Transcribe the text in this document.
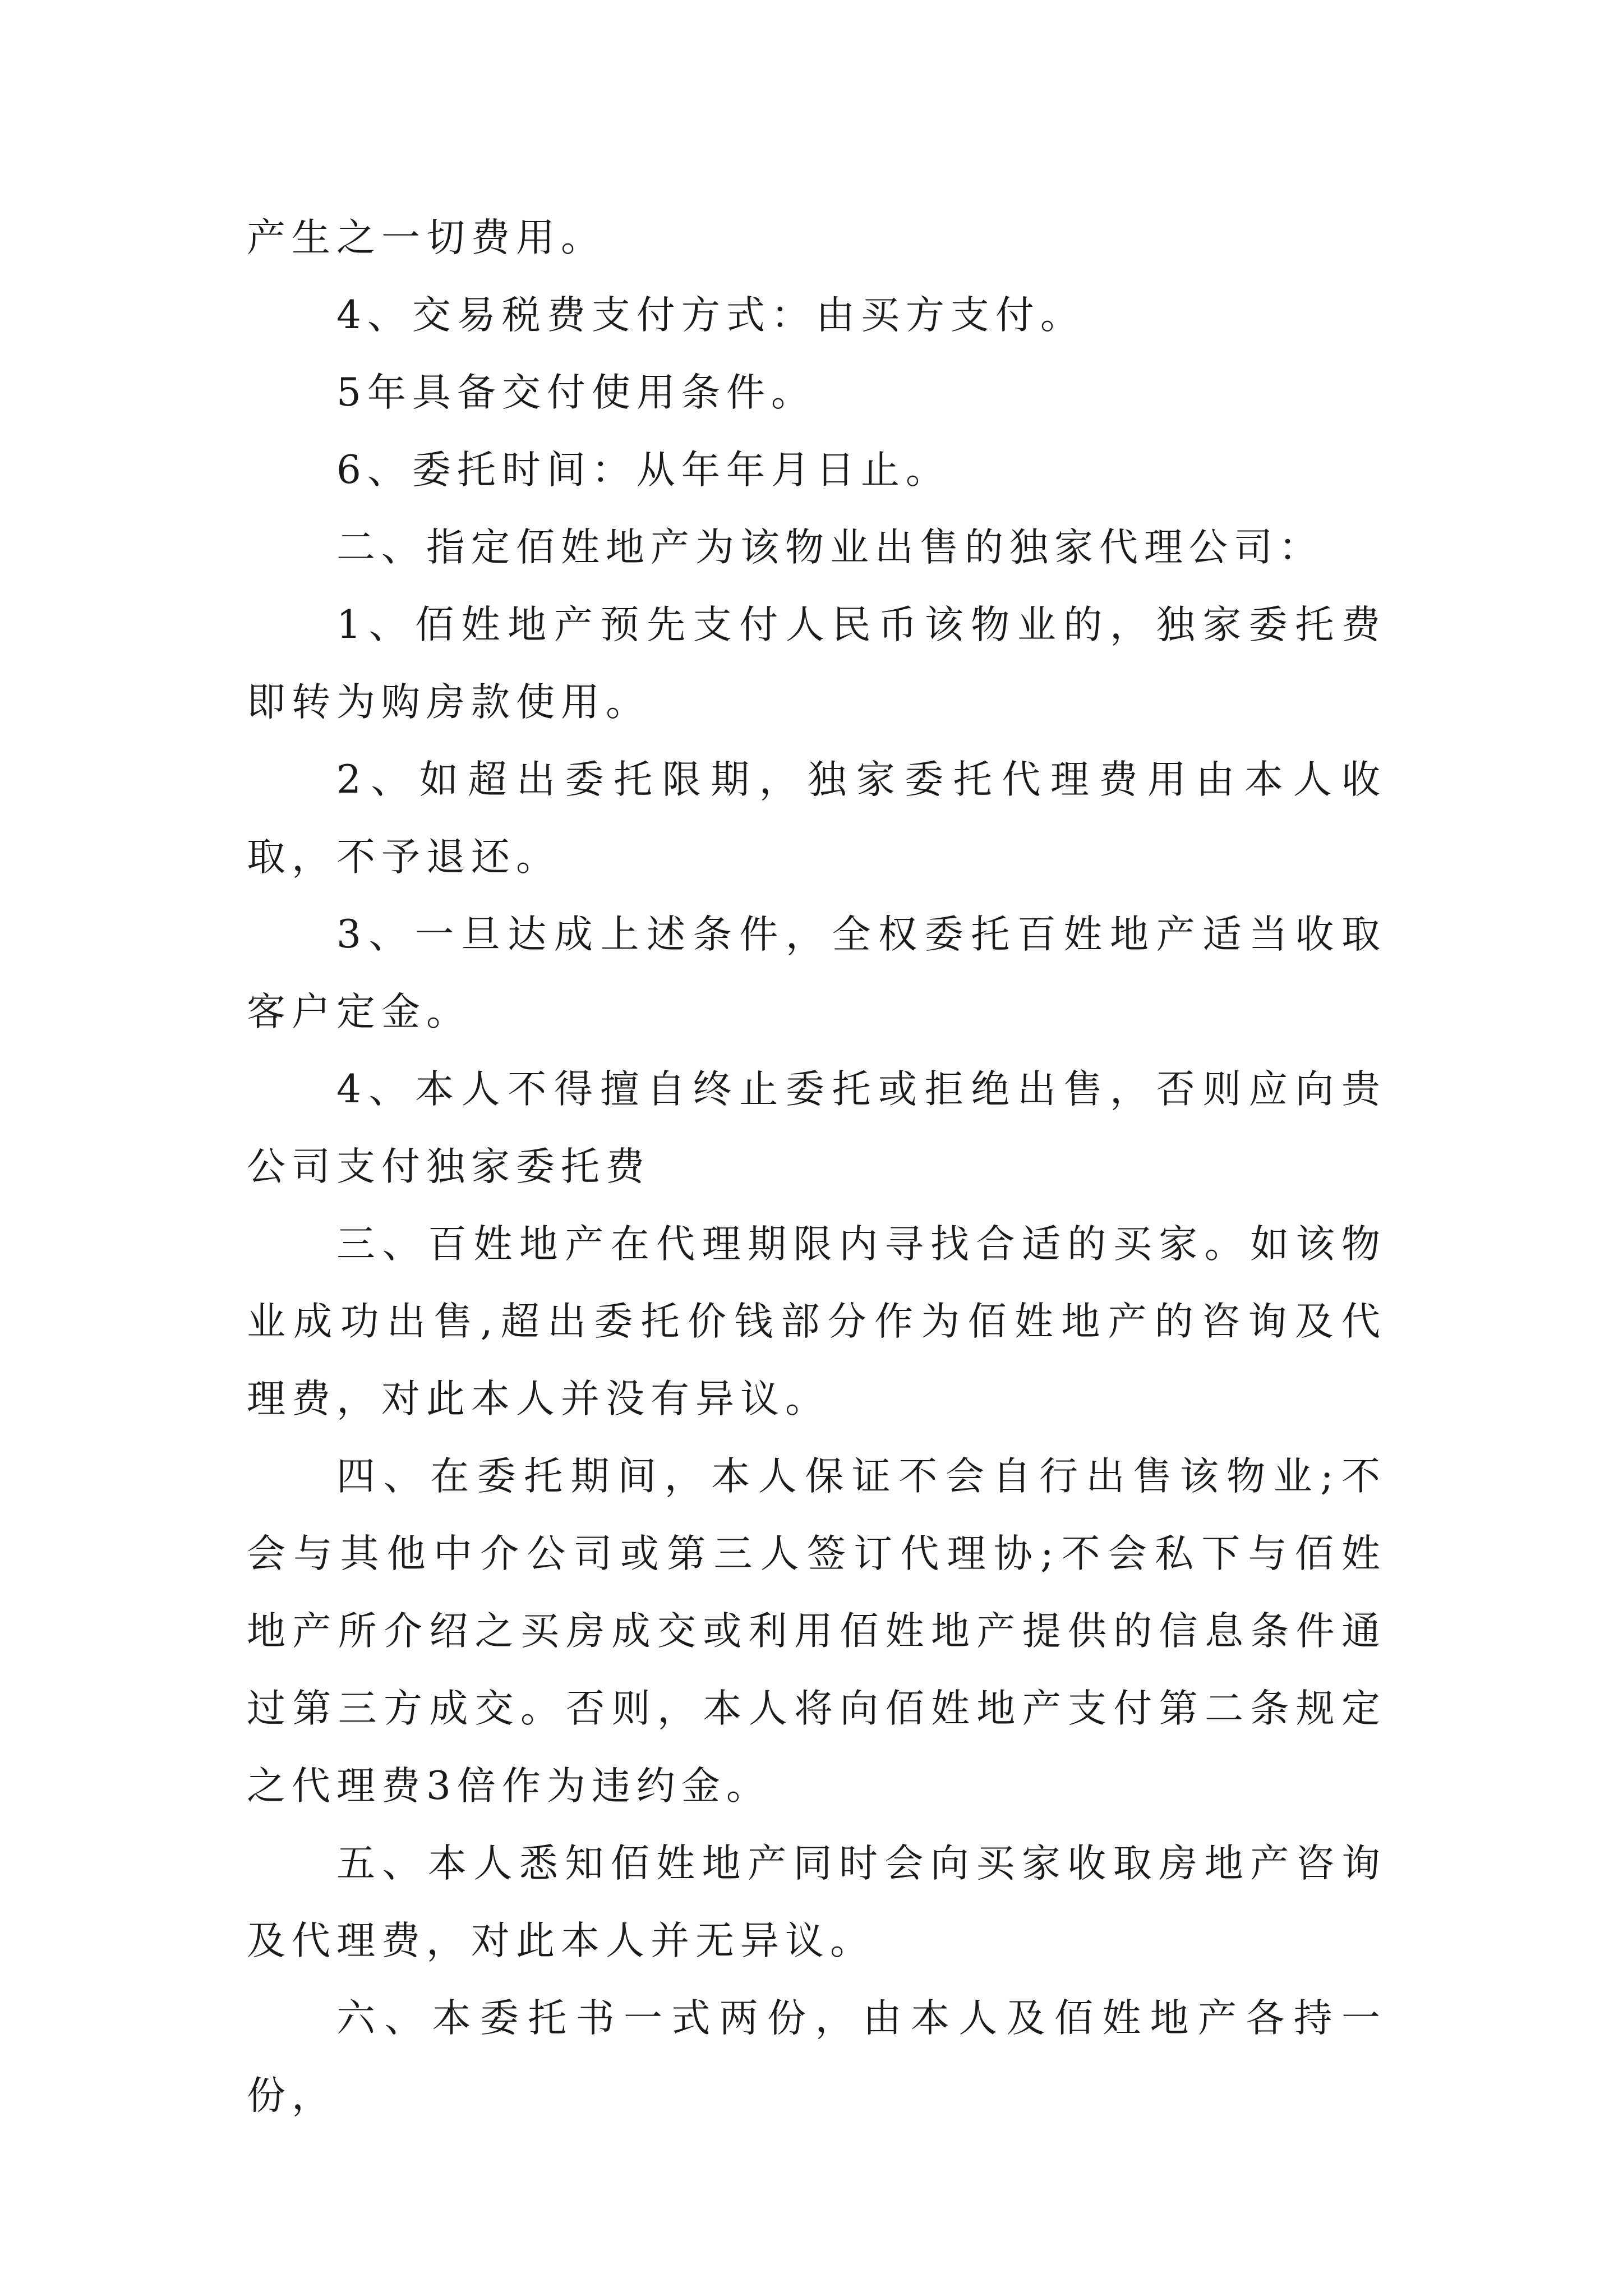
产生之一切费用。

4、交易税费支付方式：由买方支付。

5年具备交付使用条件。

6、委托时间：从年年月日止。

二、指定佰姓地产为该物业出售的独家代理公司：

1、佰姓地产预先支付人民币该物业的，独家委托费即转为购房款使用。

2、如超出委托限期，独家委托代理费用由本人收取，不予退还。

3、一旦达成上述条件，全权委托百姓地产适当收取客户定金。

4、本人不得擅自终止委托或拒绝出售，否则应向贵公司支付独家委托费

三、百姓地产在代理期限内寻找合适的买家。如该物业成功出售,超出委托价钱部分作为佰姓地产的咨询及代理费，对此本人并没有异议。

四、在委托期间，本人保证不会自行出售该物业;不会与其他中介公司或第三人签订代理协;不会私下与佰姓地产所介绍之买房成交或利用佰姓地产提供的信息条件通过第三方成交。否则，本人将向佰姓地产支付第二条规定之代理费3倍作为违约金。

五、本人悉知佰姓地产同时会向买家收取房地产咨询及代理费，对此本人并无异议。

六、本委托书一式两份，由本人及佰姓地产各持一份，
